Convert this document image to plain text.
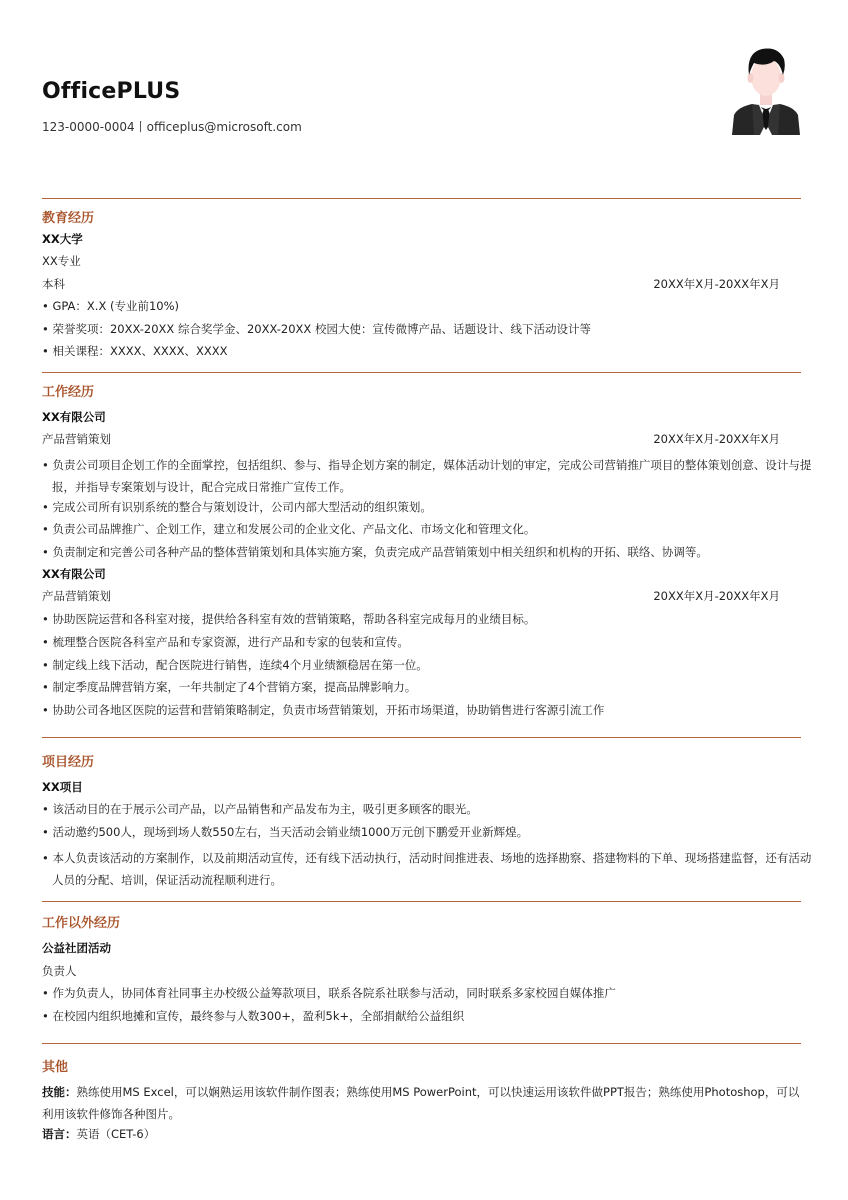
OfficePLUS
123-0000-0004丨officeplus@microsoft.com
教育经历
XX大学
XX专业
本科	20XX年X月-20XX年X月
• GPA：X.X (专业前10%)
• 荣誉奖项：20XX-20XX 综合奖学金、20XX-20XX 校园大使：宣传微博产品、话题设计、线下活动设计等
• 相关课程：XXXX、XXXX、XXXX
工作经历
XX有限公司
产品营销策划	20XX年X月-20XX年X月
• 负责公司项目企划工作的全面掌控，包括组织、参与、指导企划方案的制定，媒体活动计划的审定，完成公司营销推广项目的整体策划创意、设计与提报，并指导专案策划与设计，配合完成日常推广宣传工作。
• 完成公司所有识别系统的整合与策划设计，公司内部大型活动的组织策划。
• 负责公司品牌推广、企划工作，建立和发展公司的企业文化、产品文化、市场文化和管理文化。
• 负责制定和完善公司各种产品的整体营销策划和具体实施方案，负责完成产品营销策划中相关纽织和机构的开拓、联络、协调等。
XX有限公司
产品营销策划	20XX年X月-20XX年X月
• 协助医院运营和各科室对接，提供给各科室有效的营销策略，帮助各科室完成每月的业绩目标。
• 梳理整合医院各科室产品和专家资源，进行产品和专家的包装和宣传。
• 制定线上线下活动，配合医院进行销售，连续4个月业绩额稳居在第一位。
• 制定季度品牌营销方案，一年共制定了4个营销方案，提高品牌影响力。
• 协助公司各地区医院的运营和营销策略制定，负责市场营销策划，开拓市场渠道，协助销售进行客源引流工作
项目经历
XX项目
• 该活动目的在于展示公司产品，以产品销售和产品发布为主，吸引更多顾客的眼光。
• 活动邀约500人，现场到场人数550左右，当天活动会销业绩1000万元创下鹏爱开业新辉煌。
• 本人负责该活动的方案制作，以及前期活动宣传，还有线下活动执行，活动时间推进表、场地的选择勘察、搭建物料的下单、现场搭建监督，还有活动人员的分配、培训，保证活动流程顺利进行。
工作以外经历
公益社团活动
负责人
• 作为负责人，协同体育社同事主办校级公益筹款项目，联系各院系社联参与活动，同时联系多家校园自媒体推广
• 在校园内组织地摊和宣传，最终参与人数300+，盈利5k+，全部捐献给公益组织
其他
技能：熟练使用MS Excel，可以娴熟运用该软件制作图表；熟练使用MS PowerPoint，可以快速运用该软件做PPT报告；熟练使用Photoshop，可以利用该软件修饰各种图片。
语言：英语（CET-6）
